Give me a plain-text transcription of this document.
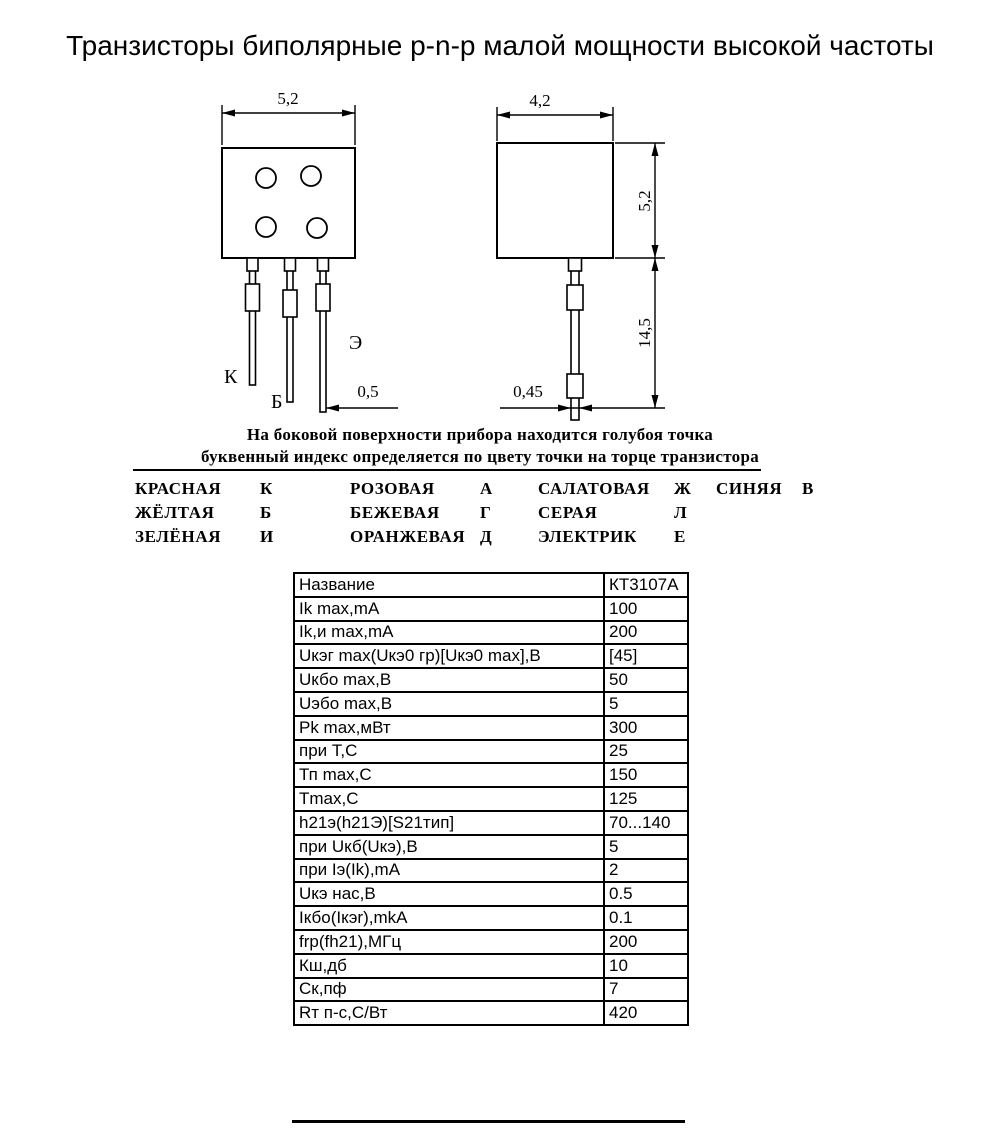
Транзисторы биполярные p-n-p малой мощности высокой частоты
5,2
К
Б
Э
0,5
4,2
5,2
14,5
0,45
На боковой поверхности прибора находится голубоя точка
буквенный индекс определяется по цвету точки на торце транзистора
КРАСНАЯ	К	РОЗОВАЯ	А	САЛАТОВАЯ	Ж	СИНЯЯ	В
ЖЁЛТАЯ	Б	БЕЖЕВАЯ	Г	СЕРАЯ	Л
ЗЕЛЁНАЯ	И	ОРАНЖЕВАЯ Д	ЭЛЕКТРИК	Е
Название	КТ3107А
Ik max,mA	100
Ik,и max,mA	200
Uкэг max(Uкэ0 гр)[Uкэ0 max],В	[45]
Uкбо max,В	50
Uэбо max,В	5
Pk max,мВт	300
при Т,С	25
Тп max,С	150
Tmax,С	125
h21э(h21Э)[S21тип]	70...140
при Uкб(Uкэ),В	5
при Iэ(Ik),mA	2
Uкэ нас,В	0.5
Iкбо(Iкэr),mkA	0.1
frp(fh21),МГц	200
Кш,дб	10
Ск,пф	7
Rт п-с,С/Вт	420
